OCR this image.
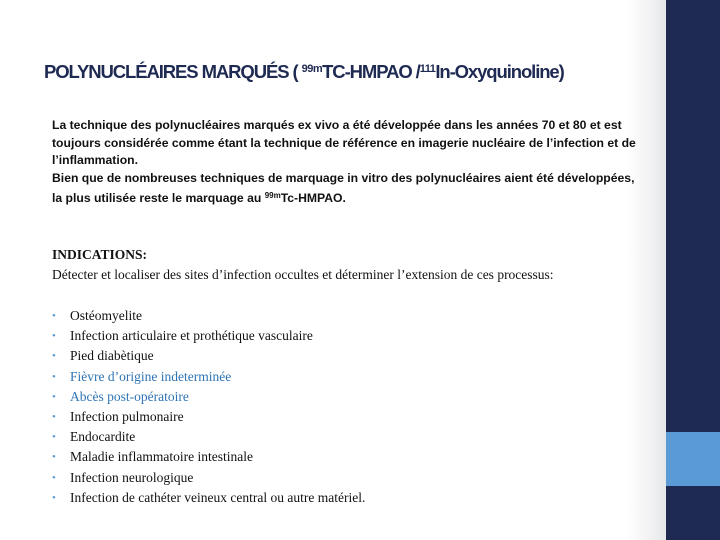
POLYNUCLÉAIRES MARQUÉS ( $^{99m}$TC-HMPAO /$^{111}$In-Oxyquinoline)

La technique des polynucléaires marqués ex vivo a été développée dans les années 70 et 80 et est toujours considérée comme étant la technique de référence en imagerie nucléaire de l’infection et de l’inflammation.

Bien que de nombreuses techniques de marquage in vitro des polynucléaires aient été développées, la plus utilisée reste le marquage au $^{99m}$Tc-HMPAO.

INDICATIONS:
Détecter et localiser des sites d’infection occultes et déterminer l’extension de ces processus:
• Ostéomyelite
• Infection articulaire et prothétique vasculaire
• Pied diabètique
• Fièvre d’origine indeterminée
• Abcès post-opératoire
• Infection pulmonaire
• Endocardite
• Maladie inflammatoire intestinale
• Infection neurologique
• Infection de cathéter veineux central ou autre matériel.
